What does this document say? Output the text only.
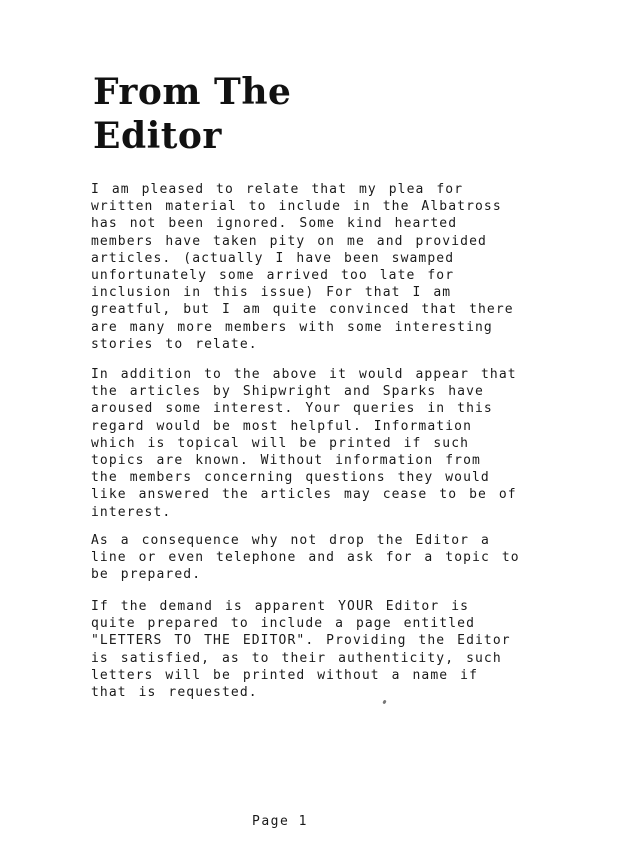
From The
Editor
I am pleased to relate that my plea for
written material to include in the Albatross
has not been ignored. Some kind hearted
members have taken pity on me and provided
articles. (actually I have been swamped
unfortunately some arrived too late for
inclusion in this issue) For that I am
greatful, but I am quite convinced that there
are many more members with some interesting
stories to relate.
In addition to the above it would appear that
the articles by Shipwright and Sparks have
aroused some interest. Your queries in this
regard would be most helpful. Information
which is topical will be printed if such
topics are known. Without information from
the members concerning questions they would
like answered the articles may cease to be of
interest.
As a consequence why not drop the Editor a
line or even telephone and ask for a topic to
be prepared.
If the demand is apparent YOUR Editor is
quite prepared to include a page entitled
"LETTERS TO THE EDITOR". Providing the Editor
is satisfied, as to their authenticity, such
letters will be printed without a name if
that is requested.
Page 1
